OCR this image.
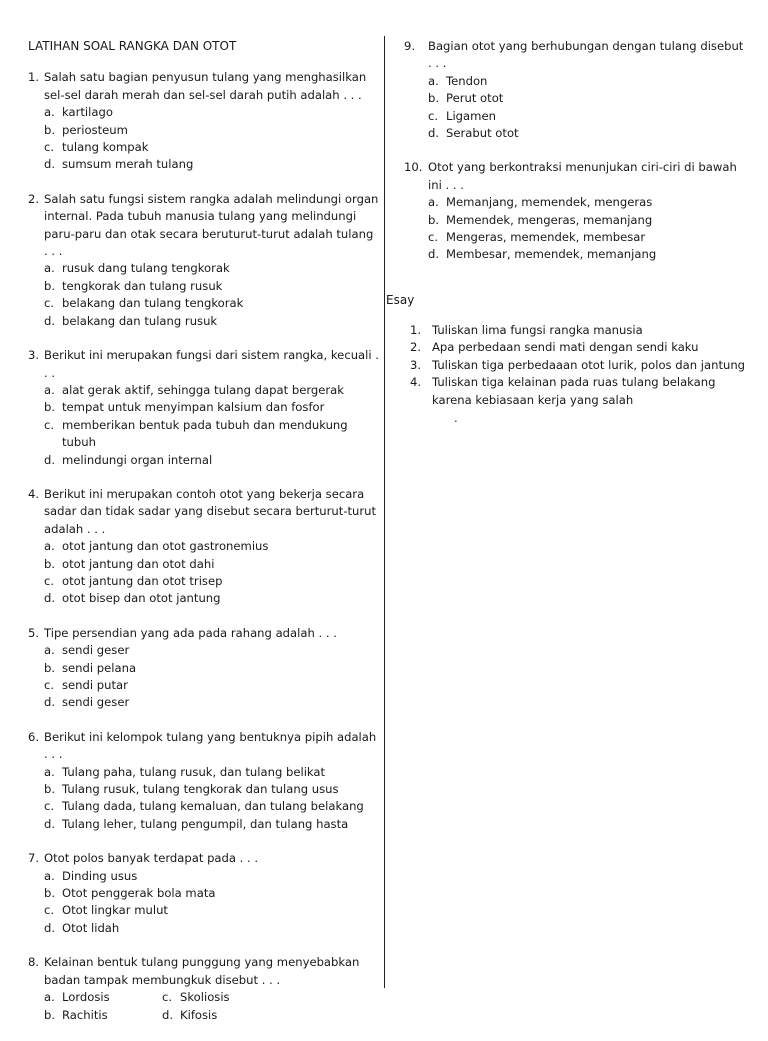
LATIHAN SOAL RANGKA DAN OTOT
1. Salah satu bagian penyusun tulang yang menghasilkan sel-sel darah merah dan sel-sel darah putih adalah . . .
a. kartilago
b. periosteum
c. tulang kompak
d. sumsum merah tulang
2. Salah satu fungsi sistem rangka adalah melindungi organ internal. Pada tubuh manusia tulang yang melindungi paru-paru dan otak secara beruturut-turut adalah tulang . . .
a. rusuk dang tulang tengkorak
b. tengkorak dan tulang rusuk
c. belakang dan tulang tengkorak
d. belakang dan tulang rusuk
3. Berikut ini merupakan fungsi dari sistem rangka, kecuali . . .
a. alat gerak aktif, sehingga tulang dapat bergerak
b. tempat untuk menyimpan kalsium dan fosfor
c. memberikan bentuk pada tubuh dan mendukung tubuh
d. melindungi organ internal
4. Berikut ini merupakan contoh otot yang bekerja secara sadar dan tidak sadar yang disebut secara berturut-turut adalah . . .
a. otot jantung dan otot gastronemius
b. otot jantung dan otot dahi
c. otot jantung dan otot trisep
d. otot bisep dan otot jantung
5. Tipe persendian yang ada pada rahang adalah . . .
a. sendi geser
b. sendi pelana
c. sendi putar
d. sendi geser
6. Berikut ini kelompok tulang yang bentuknya pipih adalah . . .
a. Tulang paha, tulang rusuk, dan tulang belikat
b. Tulang rusuk, tulang tengkorak dan tulang usus
c. Tulang dada, tulang kemaluan, dan tulang belakang
d. Tulang leher, tulang pengumpil, dan tulang hasta
7. Otot polos banyak terdapat pada . . .
a. Dinding usus
b. Otot penggerak bola mata
c. Otot lingkar mulut
d. Otot lidah
8. Kelainan bentuk tulang punggung yang menyebabkan badan tampak membungkuk disebut . . .
a. Lordosis	c. Skoliosis
b. Rachitis	d. Kifosis
9. Bagian otot yang berhubungan dengan tulang disebut . . .
a. Tendon
b. Perut otot
c. Ligamen
d. Serabut otot
10. Otot yang berkontraksi menunjukan ciri-ciri di bawah ini . . .
a. Memanjang, memendek, mengeras
b. Memendek, mengeras, memanjang
c. Mengeras, memendek, membesar
d. Membesar, memendek, memanjang
Esay
1. Tuliskan lima fungsi rangka manusia
2. Apa perbedaan sendi mati dengan sendi kaku
3. Tuliskan tiga perbedaaan otot lurik, polos dan jantung
4. Tuliskan tiga kelainan pada ruas tulang belakang karena kebiasaan kerja yang salah
.
